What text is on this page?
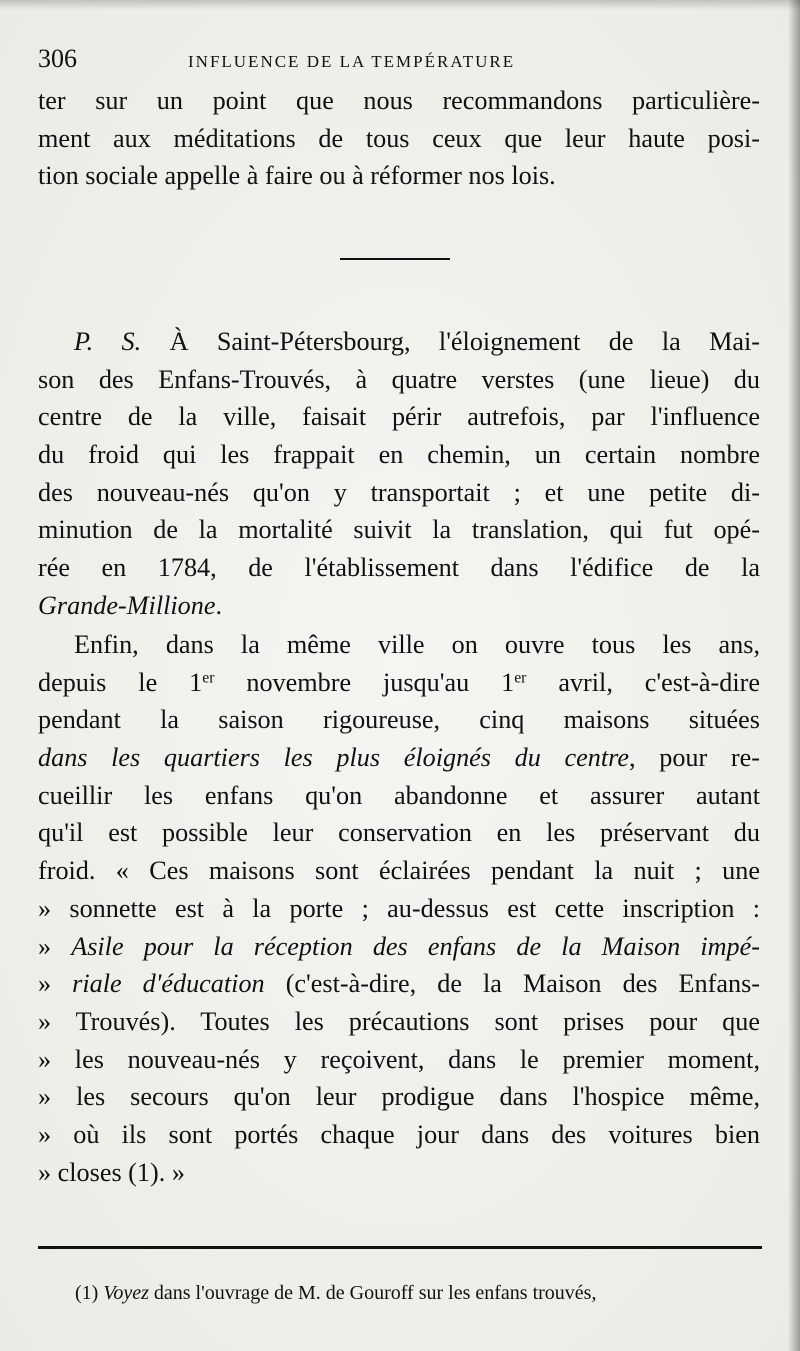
306	INFLUENCE DE LA TEMPÉRATURE
ter sur un point que nous recommandons particulière-
ment aux méditations de tous ceux que leur haute posi-
tion sociale appelle à faire ou à réformer nos lois.
P. S. À Saint-Pétersbourg, l'éloignement de la Mai-
son des Enfans-Trouvés, à quatre verstes (une lieue) du
centre de la ville, faisait périr autrefois, par l'influence
du froid qui les frappait en chemin, un certain nombre
des nouveau-nés qu'on y transportait ; et une petite di-
minution de la mortalité suivit la translation, qui fut opé-
rée en 1784, de l'établissement dans l'édifice de la
Grande-Millione.
Enfin, dans la même ville on ouvre tous les ans,
depuis le 1er novembre jusqu'au 1er avril, c'est-à-dire
pendant la saison rigoureuse, cinq maisons situées
dans les quartiers les plus éloignés du centre, pour re-
cueillir les enfans qu'on abandonne et assurer autant
qu'il est possible leur conservation en les préservant du
froid. « Ces maisons sont éclairées pendant la nuit ; une
» sonnette est à la porte ; au-dessus est cette inscription :
» Asile pour la réception des enfans de la Maison impé-
» riale d'éducation (c'est-à-dire, de la Maison des Enfans-
» Trouvés). Toutes les précautions sont prises pour que
» les nouveau-nés y reçoivent, dans le premier moment,
» les secours qu'on leur prodigue dans l'hospice même,
» où ils sont portés chaque jour dans des voitures bien
» closes (1). »
(1) Voyez dans l'ouvrage de M. de Gouroff sur les enfans trouvés,
